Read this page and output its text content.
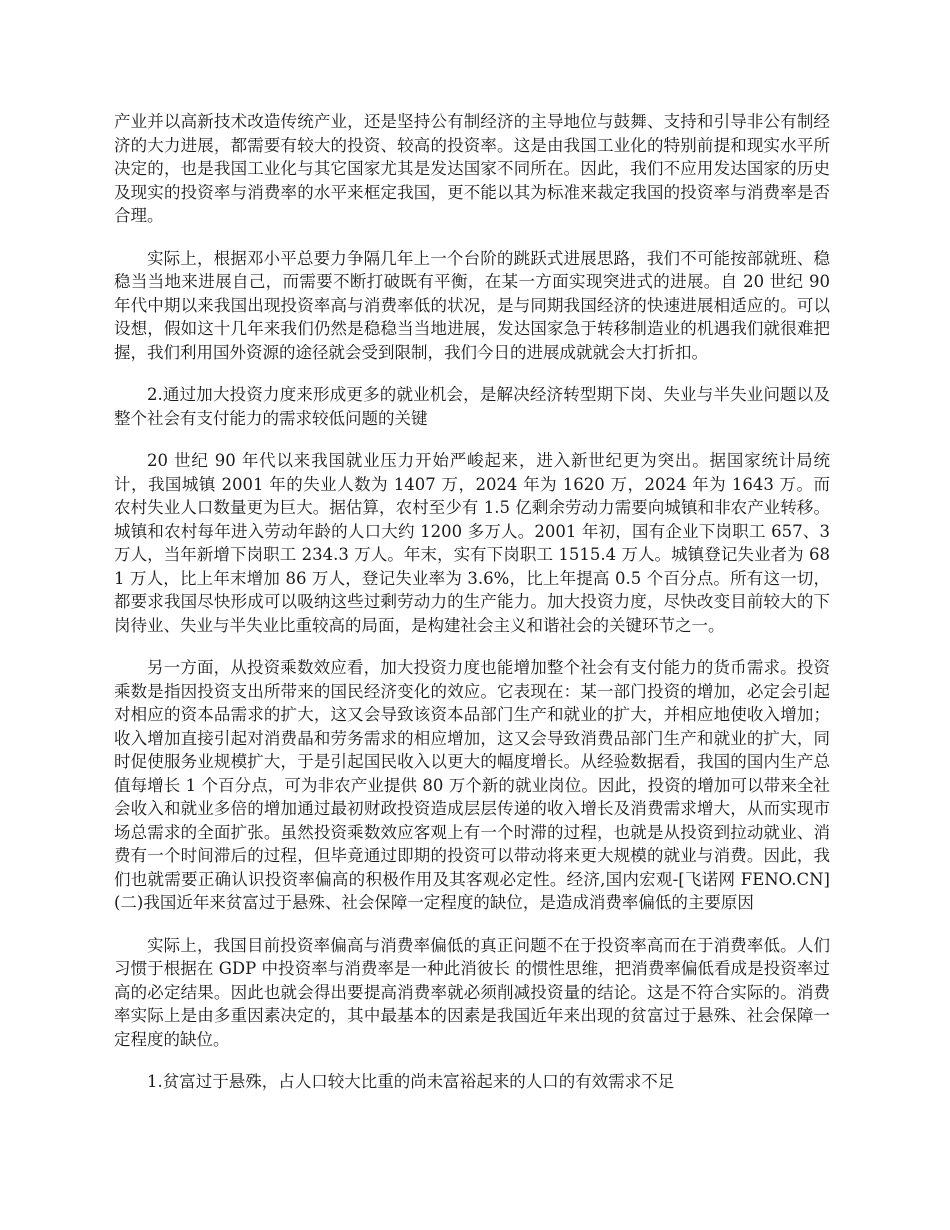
产业并以高新技术改造传统产业，还是坚持公有制经济的主导地位与鼓舞、支持和引导非公有制经济的大力进展，都需要有较大的投资、较高的投资率。这是由我国工业化的特别前提和现实水平所决定的，也是我国工业化与其它国家尤其是发达国家不同所在。因此，我们不应用发达国家的历史及现实的投资率与消费率的水平来框定我国，更不能以其为标准来裁定我国的投资率与消费率是否合理。

实际上，根据邓小平总要力争隔几年上一个台阶的跳跃式进展思路，我们不可能按部就班、稳稳当当地来进展自己，而需要不断打破既有平衡，在某一方面实现突进式的进展。自 20 世纪 90 年代中期以来我国出现投资率高与消费率低的状况，是与同期我国经济的快速进展相适应的。可以设想，假如这十几年来我们仍然是稳稳当当地进展，发达国家急于转移制造业的机遇我们就很难把握，我们利用国外资源的途径就会受到限制，我们今日的进展成就就会大打折扣。

2.通过加大投资力度来形成更多的就业机会，是解决经济转型期下岗、失业与半失业问题以及整个社会有支付能力的需求较低问题的关键

20 世纪 90 年代以来我国就业压力开始严峻起来，进入新世纪更为突出。据国家统计局统计，我国城镇 2001 年的失业人数为 1407 万，2024 年为 1620 万，2024 年为 1643 万。而农村失业人口数量更为巨大。据估算，农村至少有 1.5 亿剩余劳动力需要向城镇和非农产业转移。城镇和农村每年进入劳动年龄的人口大约 1200 多万人。2001 年初，国有企业下岗职工 657、3 万人，当年新增下岗职工 234.3 万人。年末，实有下岗职工 1515.4 万人。城镇登记失业者为 681 万人，比上年末增加 86 万人，登记失业率为 3.6%，比上年提高 0.5 个百分点。所有这一切，都要求我国尽快形成可以吸纳这些过剩劳动力的生产能力。加大投资力度，尽快改变目前较大的下岗待业、失业与半失业比重较高的局面，是构建社会主义和谐社会的关键环节之一。

另一方面，从投资乘数效应看，加大投资力度也能增加整个社会有支付能力的货币需求。投资乘数是指因投资支出所带来的国民经济变化的效应。它表现在：某一部门投资的增加，必定会引起对相应的资本品需求的扩大，这又会导致该资本品部门生产和就业的扩大，并相应地使收入增加；收入增加直接引起对消费晶和劳务需求的相应增加，这又会导致消费品部门生产和就业的扩大，同时促使服务业规模扩大，于是引起国民收入以更大的幅度增长。从经验数据看，我国的国内生产总值每增长 1 个百分点，可为非农产业提供 80 万个新的就业岗位。因此，投资的增加可以带来全社会收入和就业多倍的增加通过最初财政投资造成层层传递的收入增长及消费需求增大，从而实现市场总需求的全面扩张。虽然投资乘数效应客观上有一个时滞的过程，也就是从投资到拉动就业、消费有一个时间滞后的过程，但毕竟通过即期的投资可以带动将来更大规模的就业与消费。因此，我们也就需要正确认识投资率偏高的积极作用及其客观必定性。经济,国内宏观-[飞诺网 FENO.CN]　(二)我国近年来贫富过于悬殊、社会保障一定程度的缺位，是造成消费率偏低的主要原因

实际上，我国目前投资率偏高与消费率偏低的真正问题不在于投资率高而在于消费率低。人们习惯于根据在 GDP 中投资率与消费率是一种此消彼长 的惯性思维，把消费率偏低看成是投资率过高的必定结果。因此也就会得出要提高消费率就必须削减投资量的结论。这是不符合实际的。消费率实际上是由多重因素决定的，其中最基本的因素是我国近年来出现的贫富过于悬殊、社会保障一定程度的缺位。

1.贫富过于悬殊，占人口较大比重的尚未富裕起来的人口的有效需求不足
